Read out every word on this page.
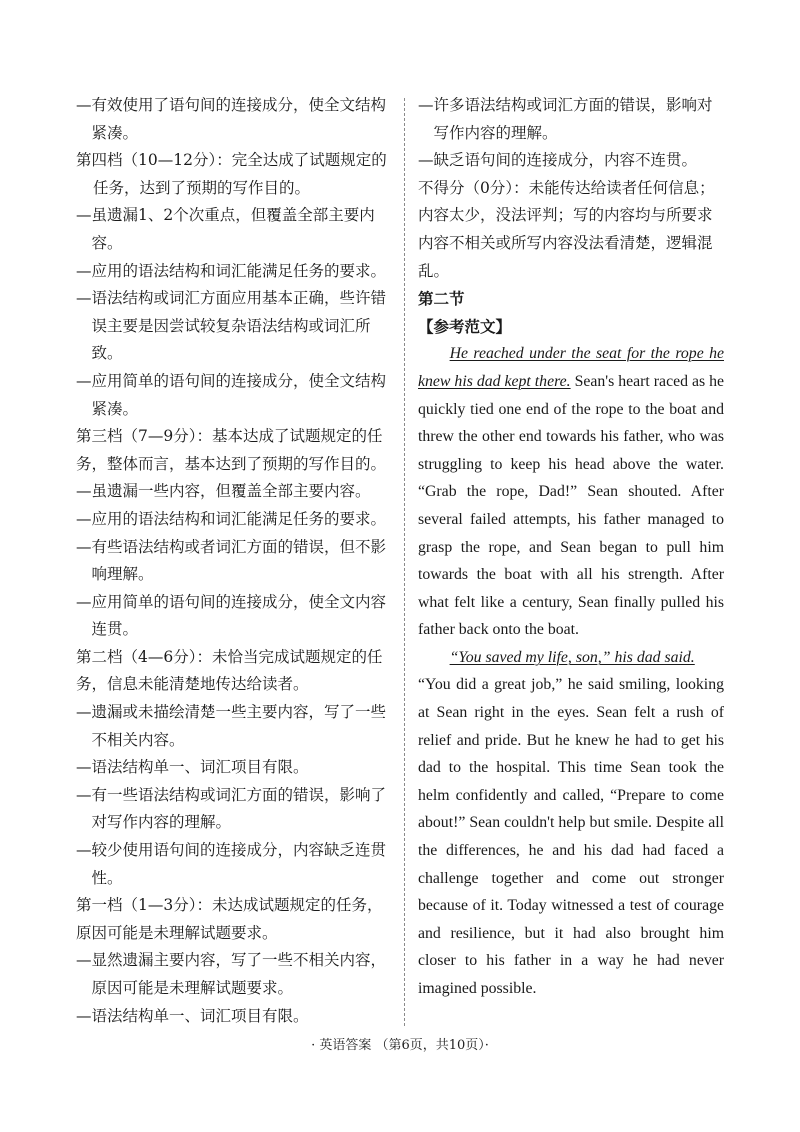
—有效使用了语句间的连接成分，使全文结构紧凑。

第四档（10—12分）：完全达成了试题规定的任务，达到了预期的写作目的。

—虽遗漏1、2个次重点，但覆盖全部主要内容。

—应用的语法结构和词汇能满足任务的要求。

—语法结构或词汇方面应用基本正确，些许错误主要是因尝试较复杂语法结构或词汇所致。

—应用简单的语句间的连接成分，使全文结构紧凑。

第三档（7—9分）：基本达成了试题规定的任务，整体而言，基本达到了预期的写作目的。

—虽遗漏一些内容，但覆盖全部主要内容。

—应用的语法结构和词汇能满足任务的要求。

—有些语法结构或者词汇方面的错误，但不影响理解。

—应用简单的语句间的连接成分，使全文内容连贯。

第二档（4—6分）：未恰当完成试题规定的任务，信息未能清楚地传达给读者。

—遗漏或未描绘清楚一些主要内容，写了一些不相关内容。

—语法结构单一、词汇项目有限。

—有一些语法结构或词汇方面的错误，影响了对写作内容的理解。

—较少使用语句间的连接成分，内容缺乏连贯性。

第一档（1—3分）：未达成试题规定的任务，原因可能是未理解试题要求。

—显然遗漏主要内容，写了一些不相关内容，原因可能是未理解试题要求。

—语法结构单一、词汇项目有限。

—许多语法结构或词汇方面的错误，影响对写作内容的理解。

—缺乏语句间的连接成分，内容不连贯。

不得分（0分）：未能传达给读者任何信息；内容太少，没法评判；写的内容均与所要求内容不相关或所写内容没法看清楚，逻辑混乱。

第二节

【参考范文】

He reached under the seat for the rope he knew his dad kept there. Sean's heart raced as he quickly tied one end of the rope to the boat and threw the other end towards his father, who was struggling to keep his head above the water. “Grab the rope, Dad!” Sean shouted. After several failed attempts, his father managed to grasp the rope, and Sean began to pull him towards the boat with all his strength. After what felt like a century, Sean finally pulled his father back onto the boat.

“You saved my life, son,” his dad said.

“You did a great job,” he said smiling, looking at Sean right in the eyes. Sean felt a rush of relief and pride. But he knew he had to get his dad to the hospital. This time Sean took the helm confidently and called, “Prepare to come about!” Sean couldn't help but smile. Despite all the differences, he and his dad had faced a challenge together and come out stronger because of it. Today witnessed a test of courage and resilience, but it had also brought him closer to his father in a way he had never imagined possible.

· 英语答案 （第6页，共10页）·
